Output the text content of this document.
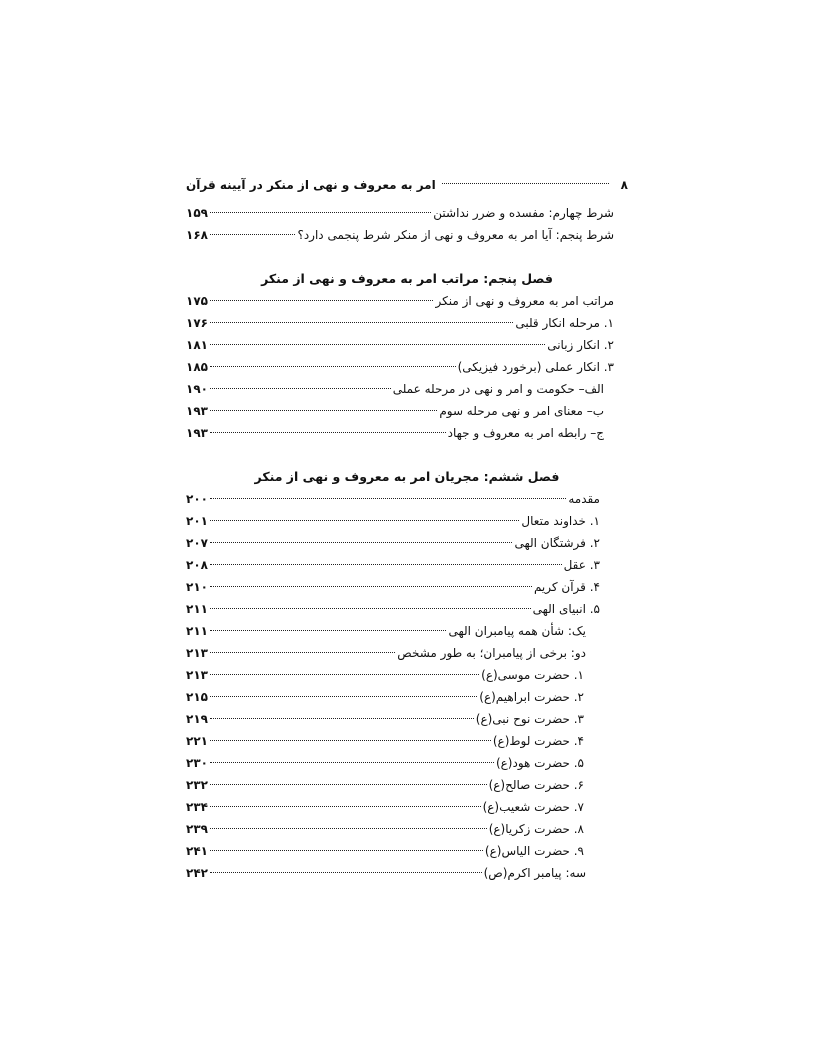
۸
امر به معروف و نهی از منکر در آیینه قرآن
شرط چهارم: مفسده و ضرر نداشتن
۱۵۹
شرط پنجم: آیا امر به معروف و نهی از منکر شرط پنجمی دارد؟
۱۶۸
فصل پنجم: مراتب امر به معروف و نهی از منکر
مراتب امر به معروف و نهی از منکر
۱۷۵
۱. مرحله انکار قلبی
۱۷۶
۲. انکار زبانی
۱۸۱
۳. انکار عملی (برخورد فیزیکی)
۱۸۵
الف– حکومت و امر و نهی در مرحله عملی
۱۹۰
ب– معنای امر و نهی مرحله سوم
۱۹۳
ج– رابطه امر به معروف و جهاد
۱۹۳
فصل ششم: مجریان امر به معروف و نهی از منکر
مقدمه
۲۰۰
۱. خداوند متعال
۲۰۱
۲. فرشتگان الهی
۲۰۷
۳. عقل
۲۰۸
۴. قرآن کریم
۲۱۰
۵. انبیای الهی
۲۱۱
یک: شأن همه پیامبران الهی
۲۱۱
دو: برخی از پیامبران؛ به طور مشخص
۲۱۳
۱. حضرت موسی(ع)
۲۱۳
۲. حضرت ابراهیم(ع)
۲۱۵
۳. حضرت نوح نبی(ع)
۲۱۹
۴. حضرت لوط(ع)
۲۲۱
۵. حضرت هود(ع)
۲۳۰
۶. حضرت صالح(ع)
۲۳۲
۷. حضرت شعیب(ع)
۲۳۴
۸. حضرت زکریا(ع)
۲۳۹
۹. حضرت الیاس(ع)
۲۴۱
سه: پیامبر اکرم(ص)
۲۴۲
